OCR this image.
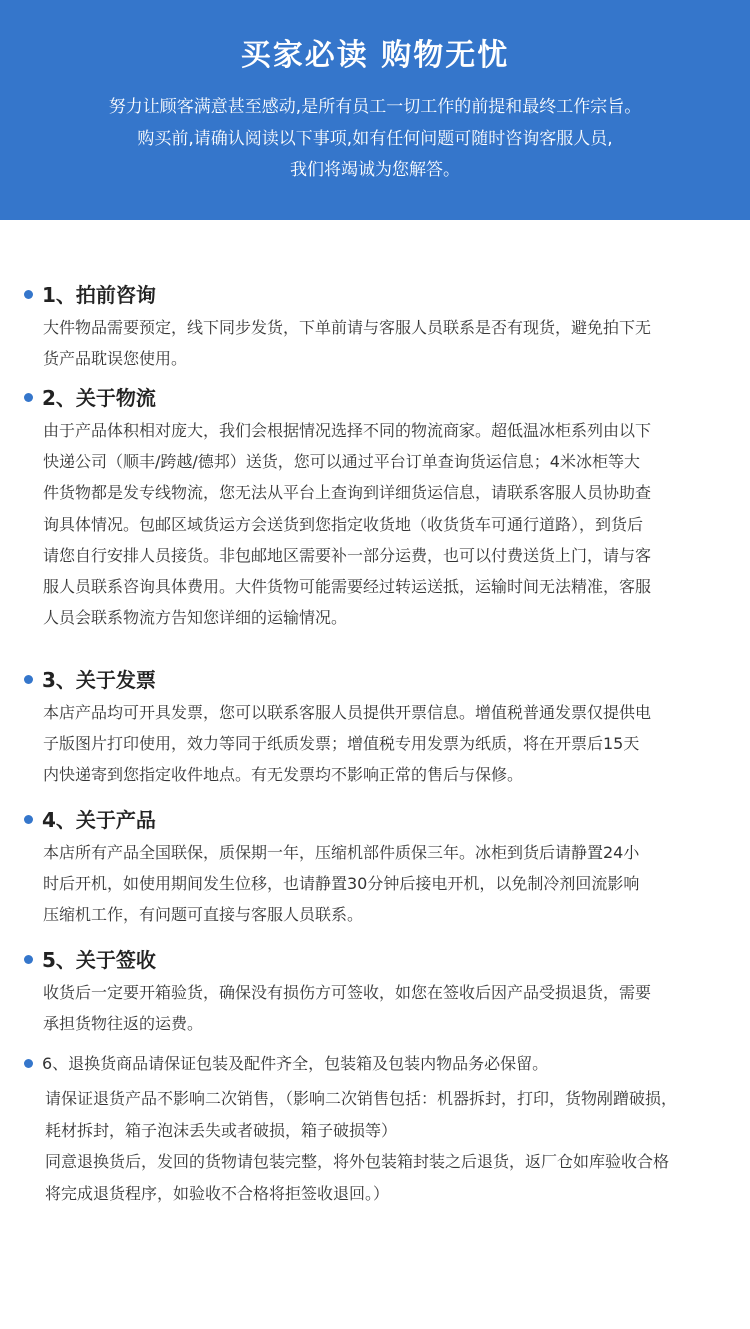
买家必读 购物无忧
努力让顾客满意甚至感动,是所有员工一切工作的前提和最终工作宗旨。
购买前,请确认阅读以下事项,如有任何问题可随时咨询客服人员,
我们将竭诚为您解答。
1、拍前咨询
大件物品需要预定，线下同步发货，下单前请与客服人员联系是否有现货，避免拍下无
货产品耽误您使用。
2、关于物流
由于产品体积相对庞大，我们会根据情况选择不同的物流商家。超低温冰柜系列由以下
快递公司（顺丰/跨越/德邦）送货，您可以通过平台订单查询货运信息；4米冰柜等大
件货物都是发专线物流，您无法从平台上查询到详细货运信息，请联系客服人员协助查
询具体情况。包邮区域货运方会送货到您指定收货地（收货货车可通行道路），到货后
请您自行安排人员接货。非包邮地区需要补一部分运费，也可以付费送货上门，请与客
服人员联系咨询具体费用。大件货物可能需要经过转运送抵，运输时间无法精准，客服
人员会联系物流方告知您详细的运输情况。
3、关于发票
本店产品均可开具发票，您可以联系客服人员提供开票信息。增值税普通发票仅提供电
子版图片打印使用，效力等同于纸质发票；增值税专用发票为纸质，将在开票后15天
内快递寄到您指定收件地点。有无发票均不影响正常的售后与保修。
4、关于产品
本店所有产品全国联保，质保期一年，压缩机部件质保三年。冰柜到货后请静置24小
时后开机，如使用期间发生位移，也请静置30分钟后接电开机，以免制冷剂回流影响
压缩机工作，有问题可直接与客服人员联系。
5、关于签收
收货后一定要开箱验货，确保没有损伤方可签收，如您在签收后因产品受损退货，需要
承担货物往返的运费。
6、退换货商品请保证包装及配件齐全，包装箱及包装内物品务必保留。
请保证退货产品不影响二次销售，（影响二次销售包括：机器拆封，打印，货物剐蹭破损，
耗材拆封，箱子泡沫丢失或者破损，箱子破损等）
同意退换货后，发回的货物请包装完整，将外包装箱封装之后退货，返厂仓如库验收合格
将完成退货程序，如验收不合格将拒签收退回。）
